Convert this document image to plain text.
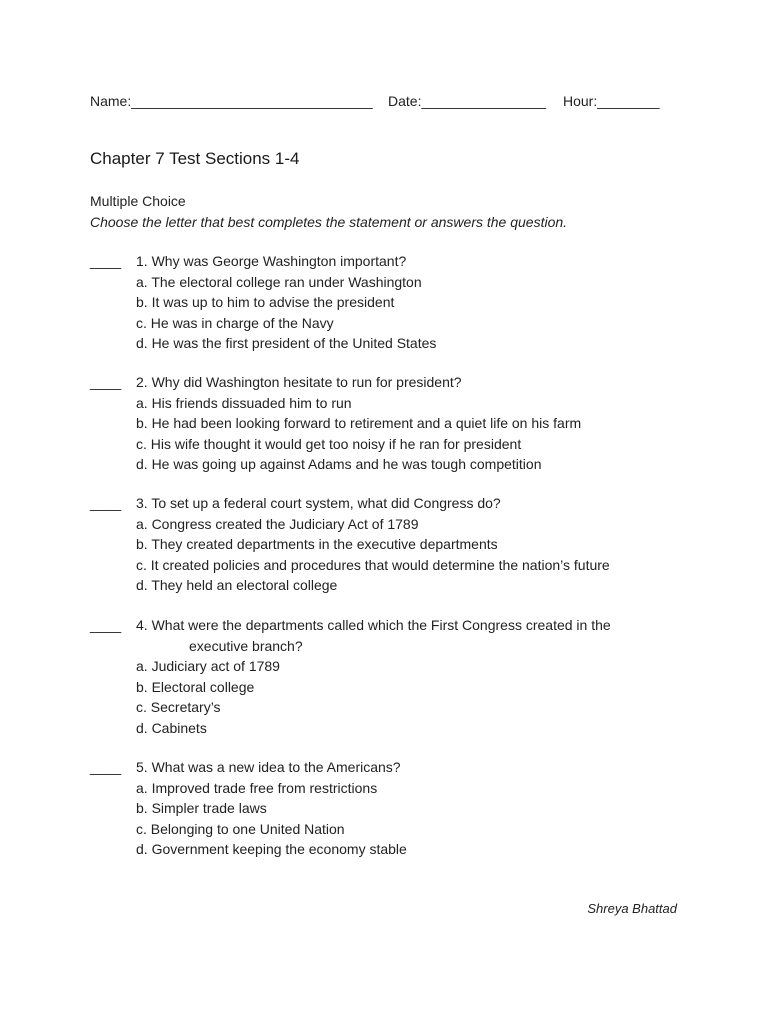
Name:_______________________________ Date:________________ Hour:________
Chapter 7 Test Sections 1-4
Multiple Choice
Choose the letter that best completes the statement or answers the question.
____ 1. Why was George Washington important?
a. The electoral college ran under Washington
b. It was up to him to advise the president
c. He was in charge of the Navy
d. He was the first president of the United States
____ 2. Why did Washington hesitate to run for president?
a. His friends dissuaded him to run
b. He had been looking forward to retirement and a quiet life on his farm
c. His wife thought it would get too noisy if he ran for president
d. He was going up against Adams and he was tough competition
____ 3. To set up a federal court system, what did Congress do?
a. Congress created the Judiciary Act of 1789
b. They created departments in the executive departments
c. It created policies and procedures that would determine the nation’s future
d. They held an electoral college
____ 4. What were the departments called which the First Congress created in the
executive branch?
a. Judiciary act of 1789
b. Electoral college
c. Secretary’s
d. Cabinets
____ 5. What was a new idea to the Americans?
a. Improved trade free from restrictions
b. Simpler trade laws
c. Belonging to one United Nation
d. Government keeping the economy stable
Shreya Bhattad
